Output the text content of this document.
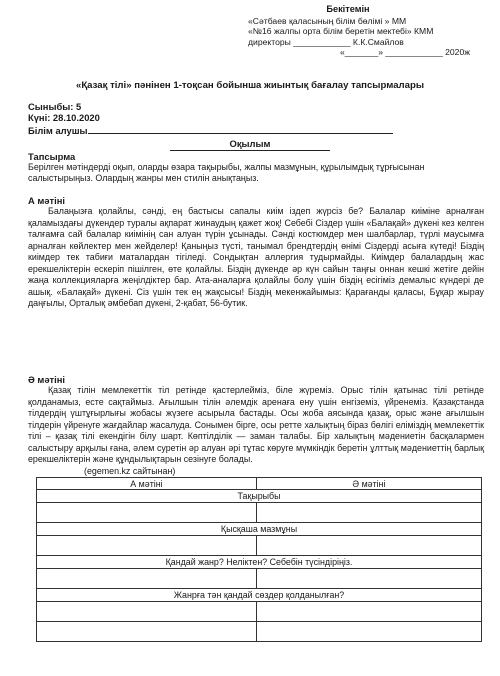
Бекітемін
«Сәтбаев қаласының білім бөлімі » ММ
«№16 жалпы орта білім беретін мектебі» КММ
директоры ____________ К.К.Смайлов
«_______» ____________ 2020ж
«Қазақ тілі» пәнінен 1-тоқсан бойынша жиынтық бағалау тапсырмалары
Сыныбы: 5
Күні: 28.10.2020
Білім алушы
Оқылым
Тапсырма
Берілген мәтіндерді оқып, оларды өзара тақырыбы, жалпы мазмұнын, құрылымдық тұрғысынан салыстырыңыз. Олардың жанры мен стилін анықтаңыз.
А мәтіні
Балаңызға қолайлы, сәнді, ең бастысы сапалы киім іздеп жүрсіз бе? Балалар киіміне арналған қаламыздағы дүкендер туралы ақпарат жинаудың қажет жоқ! Себебі Сіздер үшін «Балақай» дүкені кез келген талғамға сай балалар киімінің сан алуан түрін ұсынады. Сәнді костюмдер мен шалбарлар, түрлі маусымға арналған көйлектер мен жейделер! Қаныңыз түсті, танымал брендтердің өнімі Сіздерді асыға күтеді! Біздің киімдер тек табиғи маталардан тігіледі. Сондықтан аллергия тудырмайды. Киімдер балалардың жас ерекшеліктерін ескеріп пішілген, өте қолайлы. Біздің дүкенде әр күн сайын таңғы оннан кешкі жетіге дейін жаңа коллекцияларға жеңілдіктер бар. Ата-аналарға қолайлы болу үшін біздің есігіміз демалыс күндері де ашық. «Балақай» дүкені. Сіз үшін тек ең жақсысы! Біздің мекенжайымыз: Қарағанды қаласы, Бұқар жырау даңғылы, Орталық әмбебап дүкені, 2-қабат, 56-бутик.
Ә мәтіні
Қазақ тілін мемлекеттік тіл ретінде қастерлейміз, біле жүреміз. Орыс тілін қатынас тілі ретінде қолданамыз, есте сақтаймыз. Ағылшын тілін әлемдік аренаға ену үшін енгіземіз, үйренеміз. Қазақстанда тілдердің үштұғырлығы жобасы жүзеге асырыла бастады. Осы жоба аясында қазақ, орыс және ағылшын тілдерін үйренуге жағдайлар жасалуда. Сонымен бірге, осы ретте халықтың біраз бөлігі еліміздің мемлекеттік тілі – қазақ тілі екендігін білу шарт. Көптілділік — заман талабы. Бір халықтың мәдениетін басқалармен салыстыру арқылы ғана, әлем суретін әр алуан әрі тұтас көруге мүмкіндік беретін ұлттық мәдениеттің барлық ерекшеліктерін және құндылықтарын сезінуге болады.
(egemen.kz сайтынан)
А мәтіні	Ә мәтіні
Тақырыбы	

Қысқаша мазмұны	

Қандай жанр? Неліктен? Себебін түсіндіріңіз.	

Жанрға тән қандай сөздер қолданылған?	
